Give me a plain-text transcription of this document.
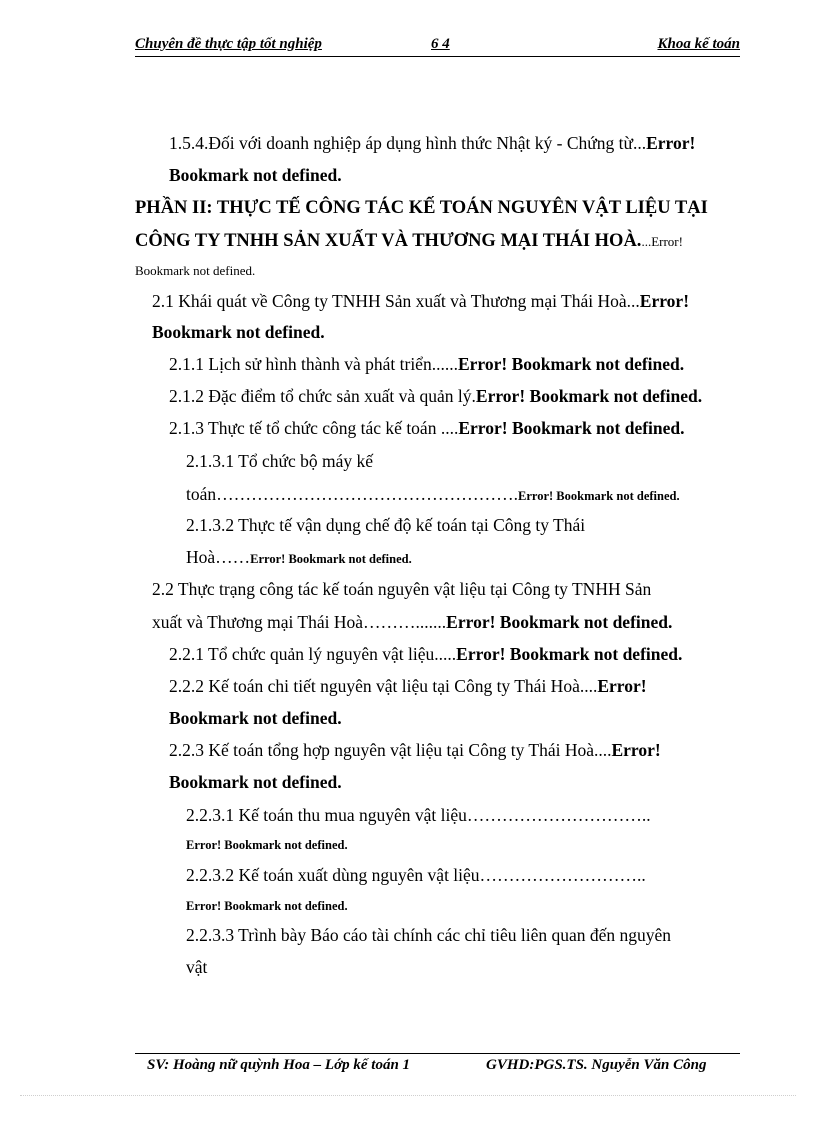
Chuyên đề thực tập tốt nghiệp	6 4	Khoa kế toán
1.5.4.Đối với doanh nghiệp áp dụng hình thức Nhật ký - Chứng từ...Error!
Bookmark not defined.
PHẦN II: THỰC TẾ CÔNG TÁC KẾ TOÁN NGUYÊN VẬT LIỆU TẠI
CÔNG TY TNHH SẢN XUẤT VÀ THƯƠNG MẠI THÁI HOÀ....Error!
Bookmark not defined.
2.1 Khái quát về Công ty TNHH Sản xuất và Thương mại Thái Hoà...Error!
Bookmark not defined.
2.1.1 Lịch sử hình thành và phát triển......Error! Bookmark not defined.
2.1.2 Đặc điểm tổ chức sản xuất và quản lý.Error! Bookmark not defined.
2.1.3 Thực tế tổ chức công tác kế toán ....Error! Bookmark not defined.
2.1.3.1 Tổ chức bộ máy kế
toán…………………………………………….Error! Bookmark not defined.
2.1.3.2 Thực tế vận dụng chế độ kế toán tại Công ty Thái
Hoà……Error! Bookmark not defined.
2.2 Thực trạng công tác kế toán nguyên vật liệu tại Công ty TNHH Sản
xuất và Thương mại Thái Hoà……….......Error! Bookmark not defined.
2.2.1 Tổ chức quản lý nguyên vật liệu.....Error! Bookmark not defined.
2.2.2 Kế toán chi tiết nguyên vật liệu tại Công ty Thái Hoà....Error!
Bookmark not defined.
2.2.3 Kế toán tổng hợp nguyên vật liệu tại Công ty Thái Hoà....Error!
Bookmark not defined.
2.2.3.1 Kế toán thu mua nguyên vật liệu…………………………..
Error! Bookmark not defined.
2.2.3.2 Kế toán xuất dùng nguyên vật liệu………………………..
Error! Bookmark not defined.
2.2.3.3 Trình bày Báo cáo tài chính các chỉ tiêu liên quan đến nguyên
vật
SV: Hoàng nữ quỳnh Hoa – Lớp kế toán 1	GVHD:PGS.TS. Nguyễn Văn Công
